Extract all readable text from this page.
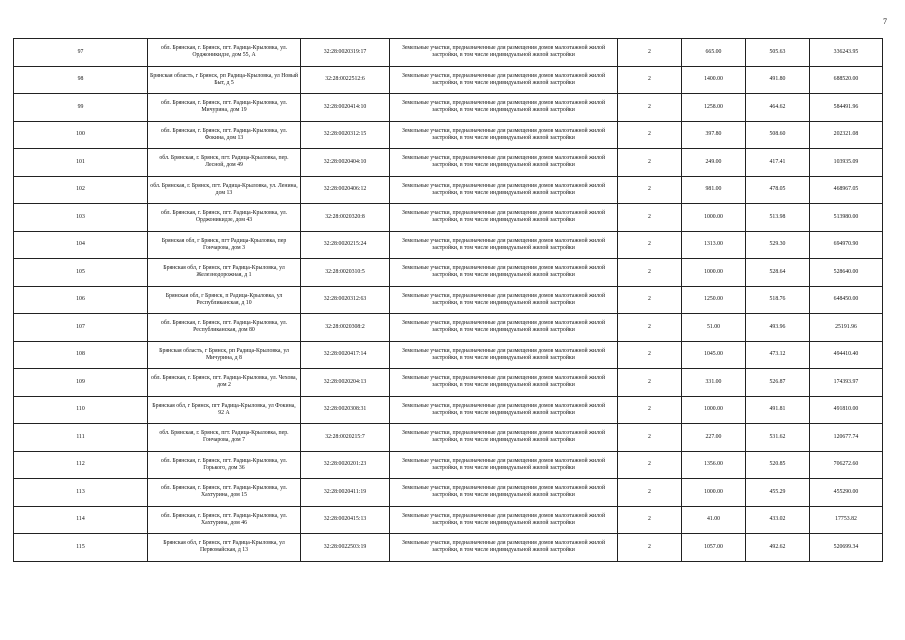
7
97	обл. Брянская, г. Брянск, пгт. Радица-Крыловка, ул. Орджоникидзе, дом 55, А	32:28:0020319:17	Земельные участки, предназначенные для размещения домов малоэтажной жилой застройки, в том числе индивидуальной жилой застройки	2	665.00	505.63	336243.95
98	Брянская область, г Брянск, рп Радица-Крыловка, ул Новый Быт, д 5	32:28:0022512:6	Земельные участки, предназначенные для размещения домов малоэтажной жилой застройки, в том числе индивидуальной жилой застройки	2	1400.00	491.80	688520.00
99	обл. Брянская, г. Брянск, пгт. Радица-Крыловка, ул. Мичурина, дом 19	32:28:0020414:10	Земельные участки, предназначенные для размещения домов малоэтажной жилой застройки, в том числе индивидуальной жилой застройки	2	1258.00	464.62	584491.96
100	обл. Брянская, г. Брянск, пгт. Радица-Крыловка, ул. Фокина, дом 13	32:28:0020312:15	Земельные участки, предназначенные для размещения домов малоэтажной жилой застройки, в том числе индивидуальной жилой застройки	2	397.80	508.60	202321.08
101	обл. Брянская, г. Брянск, пгт. Радица-Крыловка, пер. Лесной, дом 49	32:28:0020404:10	Земельные участки, предназначенные для размещения домов малоэтажной жилой застройки, в том числе индивидуальной жилой застройки	2	249.00	417.41	103935.09
102	обл. Брянская, г. Брянск, пгт. Радица-Крыловка, ул. Ленина, дом 13	32:28:0020406:12	Земельные участки, предназначенные для размещения домов малоэтажной жилой застройки, в том числе индивидуальной жилой застройки	2	981.00	478.05	468967.05
103	обл. Брянская, г. Брянск, пгт. Радица-Крыловка, ул. Орджоникидзе, дом 43	32:28:0020320:8	Земельные участки, предназначенные для размещения домов малоэтажной жилой застройки, в том числе индивидуальной жилой застройки	2	1000.00	513.98	513980.00
104	Брянская обл, г Брянск, пгт Радица-Крыловка, пер Гончарова, дом 3	32:28:0020215:24	Земельные участки, предназначенные для размещения домов малоэтажной жилой застройки, в том числе индивидуальной жилой застройки	2	1313.00	529.30	694970.90
105	Брянская обл, г Брянск, пгт Радица-Крыловка, ул Железнодорожная, д 1	32:28:0020310:5	Земельные участки, предназначенные для размещения домов малоэтажной жилой застройки, в том числе индивидуальной жилой застройки	2	1000.00	528.64	528640.00
106	Брянская обл, г Брянск, п Радица-Крыловка, ул Республиканская, д 10	32:28:0020312:63	Земельные участки, предназначенные для размещения домов малоэтажной жилой застройки, в том числе индивидуальной жилой застройки	2	1250.00	518.76	648450.00
107	обл. Брянская, г. Брянск, пгт. Радица-Крыловка, ул. Республиканская, дом 80	32:28:0020308:2	Земельные участки, предназначенные для размещения домов малоэтажной жилой застройки, в том числе индивидуальной жилой застройки	2	51.00	493.96	25191.96
108	Брянская область, г Брянск, рп Радица-Крыловка, ул Мичурина, д 8	32:28:0020417:14	Земельные участки, предназначенные для размещения домов малоэтажной жилой застройки, в том числе индивидуальной жилой застройки	2	1045.00	473.12	494410.40
109	обл. Брянская, г. Брянск, пгт. Радица-Крыловка, ул. Чехова, дом 2	32:28:0020204:13	Земельные участки, предназначенные для размещения домов малоэтажной жилой застройки, в том числе индивидуальной жилой застройки	2	331.00	526.87	174393.97
110	Брянская обл, г Брянск, пгт Радица-Крыловка, ул Фокина, 92 А	32:28:0020308:31	Земельные участки, предназначенные для размещения домов малоэтажной жилой застройки, в том числе индивидуальной жилой застройки	2	1000.00	491.81	491810.00
111	обл. Брянская, г. Брянск, пгт. Радица-Крыловка, пер. Гончарова, дом 7	32:28:0020215:7	Земельные участки, предназначенные для размещения домов малоэтажной жилой застройки, в том числе индивидуальной жилой застройки	2	227.00	531.62	120677.74
112	обл. Брянская, г. Брянск, пгт. Радица-Крыловка, ул. Горького, дом 36	32:28:0020201:23	Земельные участки, предназначенные для размещения домов малоэтажной жилой застройки, в том числе индивидуальной жилой застройки	2	1356.00	520.85	706272.60
113	обл. Брянская, г. Брянск, пгт. Радица-Крыловка, ул. Хахтурина, дом 15	32:28:0020411:19	Земельные участки, предназначенные для размещения домов малоэтажной жилой застройки, в том числе индивидуальной жилой застройки	2	1000.00	455.29	455290.00
114	обл. Брянская, г. Брянск, пгт. Радица-Крыловка, ул. Хахтурина, дом 46	32:28:0020415:13	Земельные участки, предназначенные для размещения домов малоэтажной жилой застройки, в том числе индивидуальной жилой застройки	2	41.00	433.02	17753.82
115	Брянская обл, г Брянск, пгт Радица-Крыловка, ул Первомайская, д 13	32:28:0022503:19	Земельные участки, предназначенные для размещения домов малоэтажной жилой застройки, в том числе индивидуальной жилой застройки	2	1057.00	492.62	520699.34
